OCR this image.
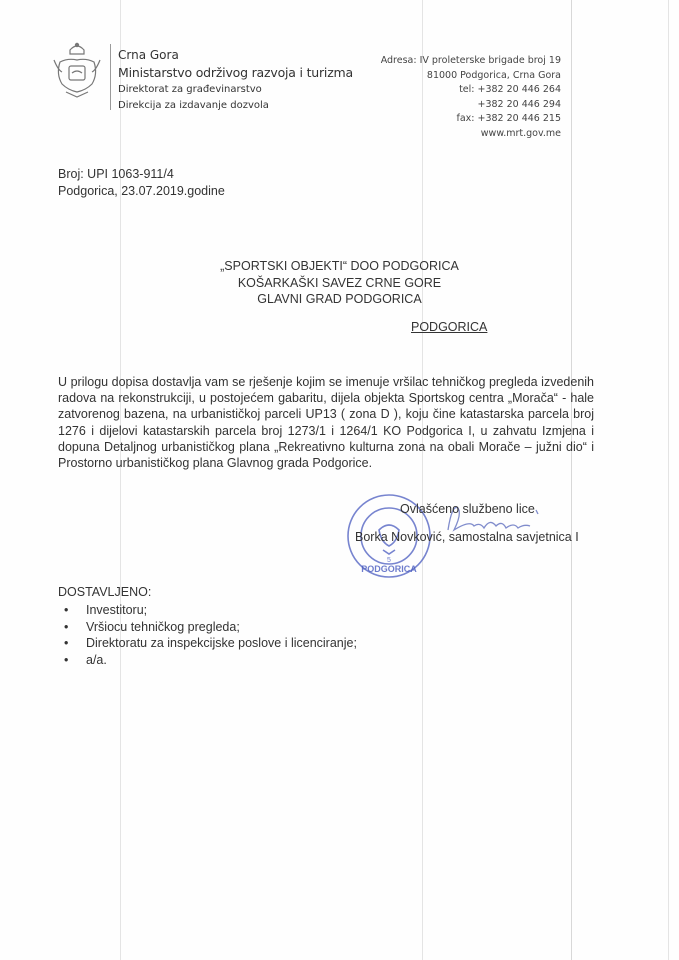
Crna Gora
Ministarstvo održivog razvoja i turizma
Direktorat za građevinarstvo
Direkcija za izdavanje dozvola
Adresa: IV proleterske brigade broj 19
81000 Podgorica, Crna Gora
tel: +382 20 446 264
+382 20 446 294
fax: +382 20 446 215
www.mrt.gov.me
Broj: UPI 1063-911/4
Podgorica, 23.07.2019.godine
„SPORTSKI OBJEKTI“ DOO PODGORICA
KOŠARKAŠKI SAVEZ CRNE GORE
GLAVNI GRAD PODGORICA
PODGORICA
U prilogu dopisa dostavlja vam se rješenje kojim se imenuje vršilac tehničkog pregleda izvedenih radova na rekonstrukciji, u postojećem gabaritu, dijela objekta Sportskog centra „Morača“ - hale zatvorenog bazena, na urbanističkoj parceli UP13 ( zona D ), koju čine katastarska parcela broj 1276 i dijelovi katastarskih parcela broj 1273/1 i 1264/1 KO Podgorica I, u zahvatu Izmjena i dopuna Detaljnog urbanističkog plana „Rekreativno kulturna zona na obali Morače – južni dio“ i Prostorno urbanističkog plana Glavnog grada Podgorice.
PODGORICA
5
Ovlašćeno službeno lice
Borka Novković, samostalna savjetnica I
DOSTAVLJENO:
• Investitoru;
• Vršiocu tehničkog pregleda;
• Direktoratu za inspekcijske poslove i licenciranje;
• a/a.
